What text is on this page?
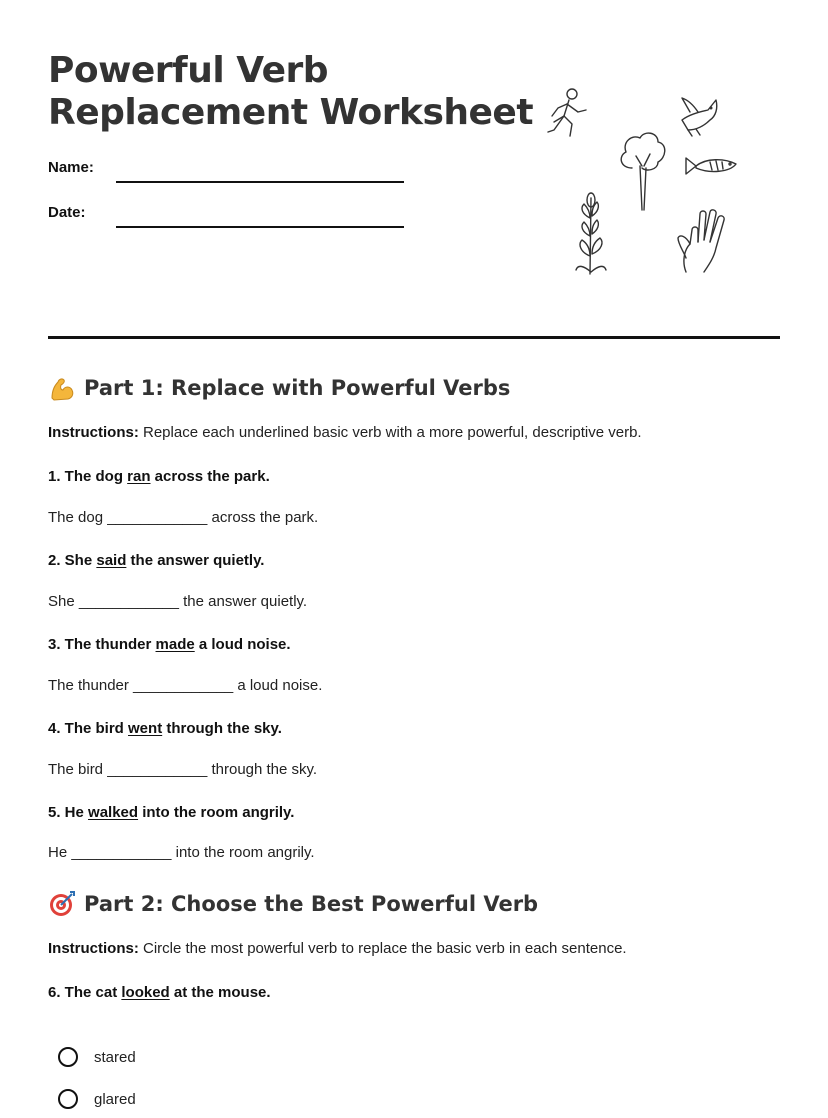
Powerful Verb
Replacement Worksheet
Name:
Date:
Part 1: Replace with Powerful Verbs
Instructions: Replace each underlined basic verb with a more powerful, descriptive verb.
1. The dog ran across the park.
The dog ____________ across the park.
2. She said the answer quietly.
She ____________ the answer quietly.
3. The thunder made a loud noise.
The thunder ____________ a loud noise.
4. The bird went through the sky.
The bird ____________ through the sky.
5. He walked into the room angrily.
He ____________ into the room angrily.
Part 2: Choose the Best Powerful Verb
Instructions: Circle the most powerful verb to replace the basic verb in each sentence.
6. The cat looked at the mouse.
stared
glared
